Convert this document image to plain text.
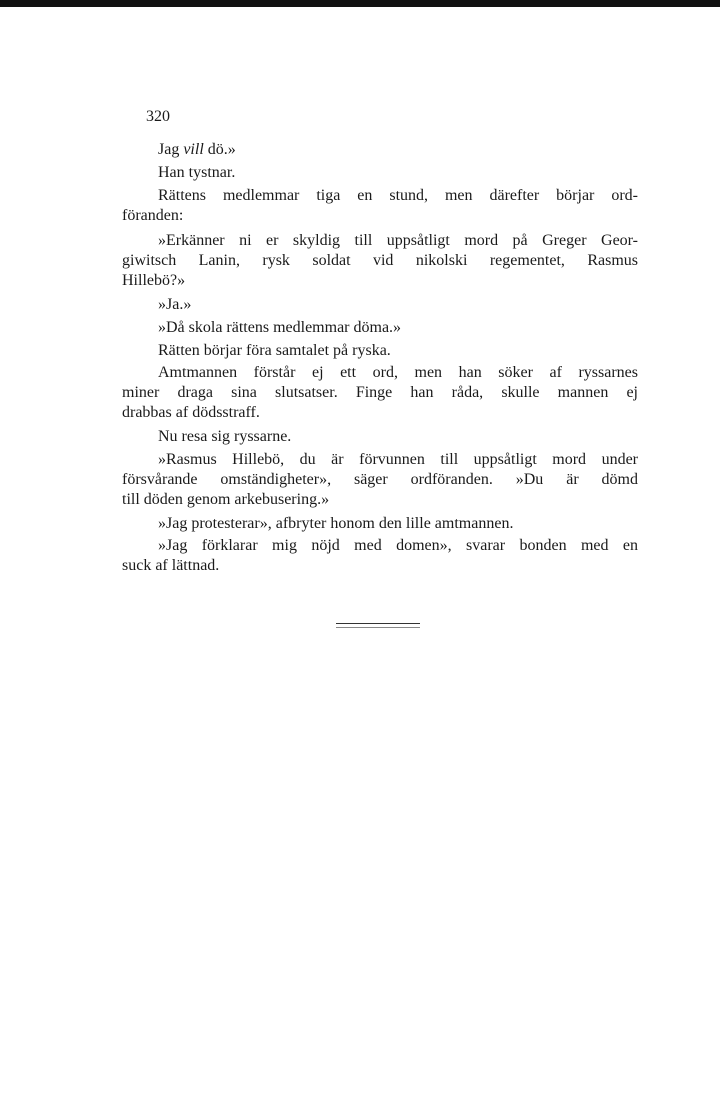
320
Jag vill dö.»
Han tystnar.
Rättens medlemmar tiga en stund, men därefter börjar ord-
föranden:
»Erkänner ni er skyldig till uppsåtligt mord på Greger Geor-
giwitsch Lanin, rysk soldat vid nikolski regementet, Rasmus
Hillebö?»
»Ja.»
»Då skola rättens medlemmar döma.»
Rätten börjar föra samtalet på ryska.
Amtmannen förstår ej ett ord, men han söker af ryssarnes
miner draga sina slutsatser. Finge han råda, skulle mannen ej
drabbas af dödsstraff.
Nu resa sig ryssarne.
»Rasmus Hillebö, du är förvunnen till uppsåtligt mord under
försvårande omständigheter», säger ordföranden. »Du är dömd
till döden genom arkebusering.»
»Jag protesterar», afbryter honom den lille amtmannen.
»Jag förklarar mig nöjd med domen», svarar bonden med en
suck af lättnad.
